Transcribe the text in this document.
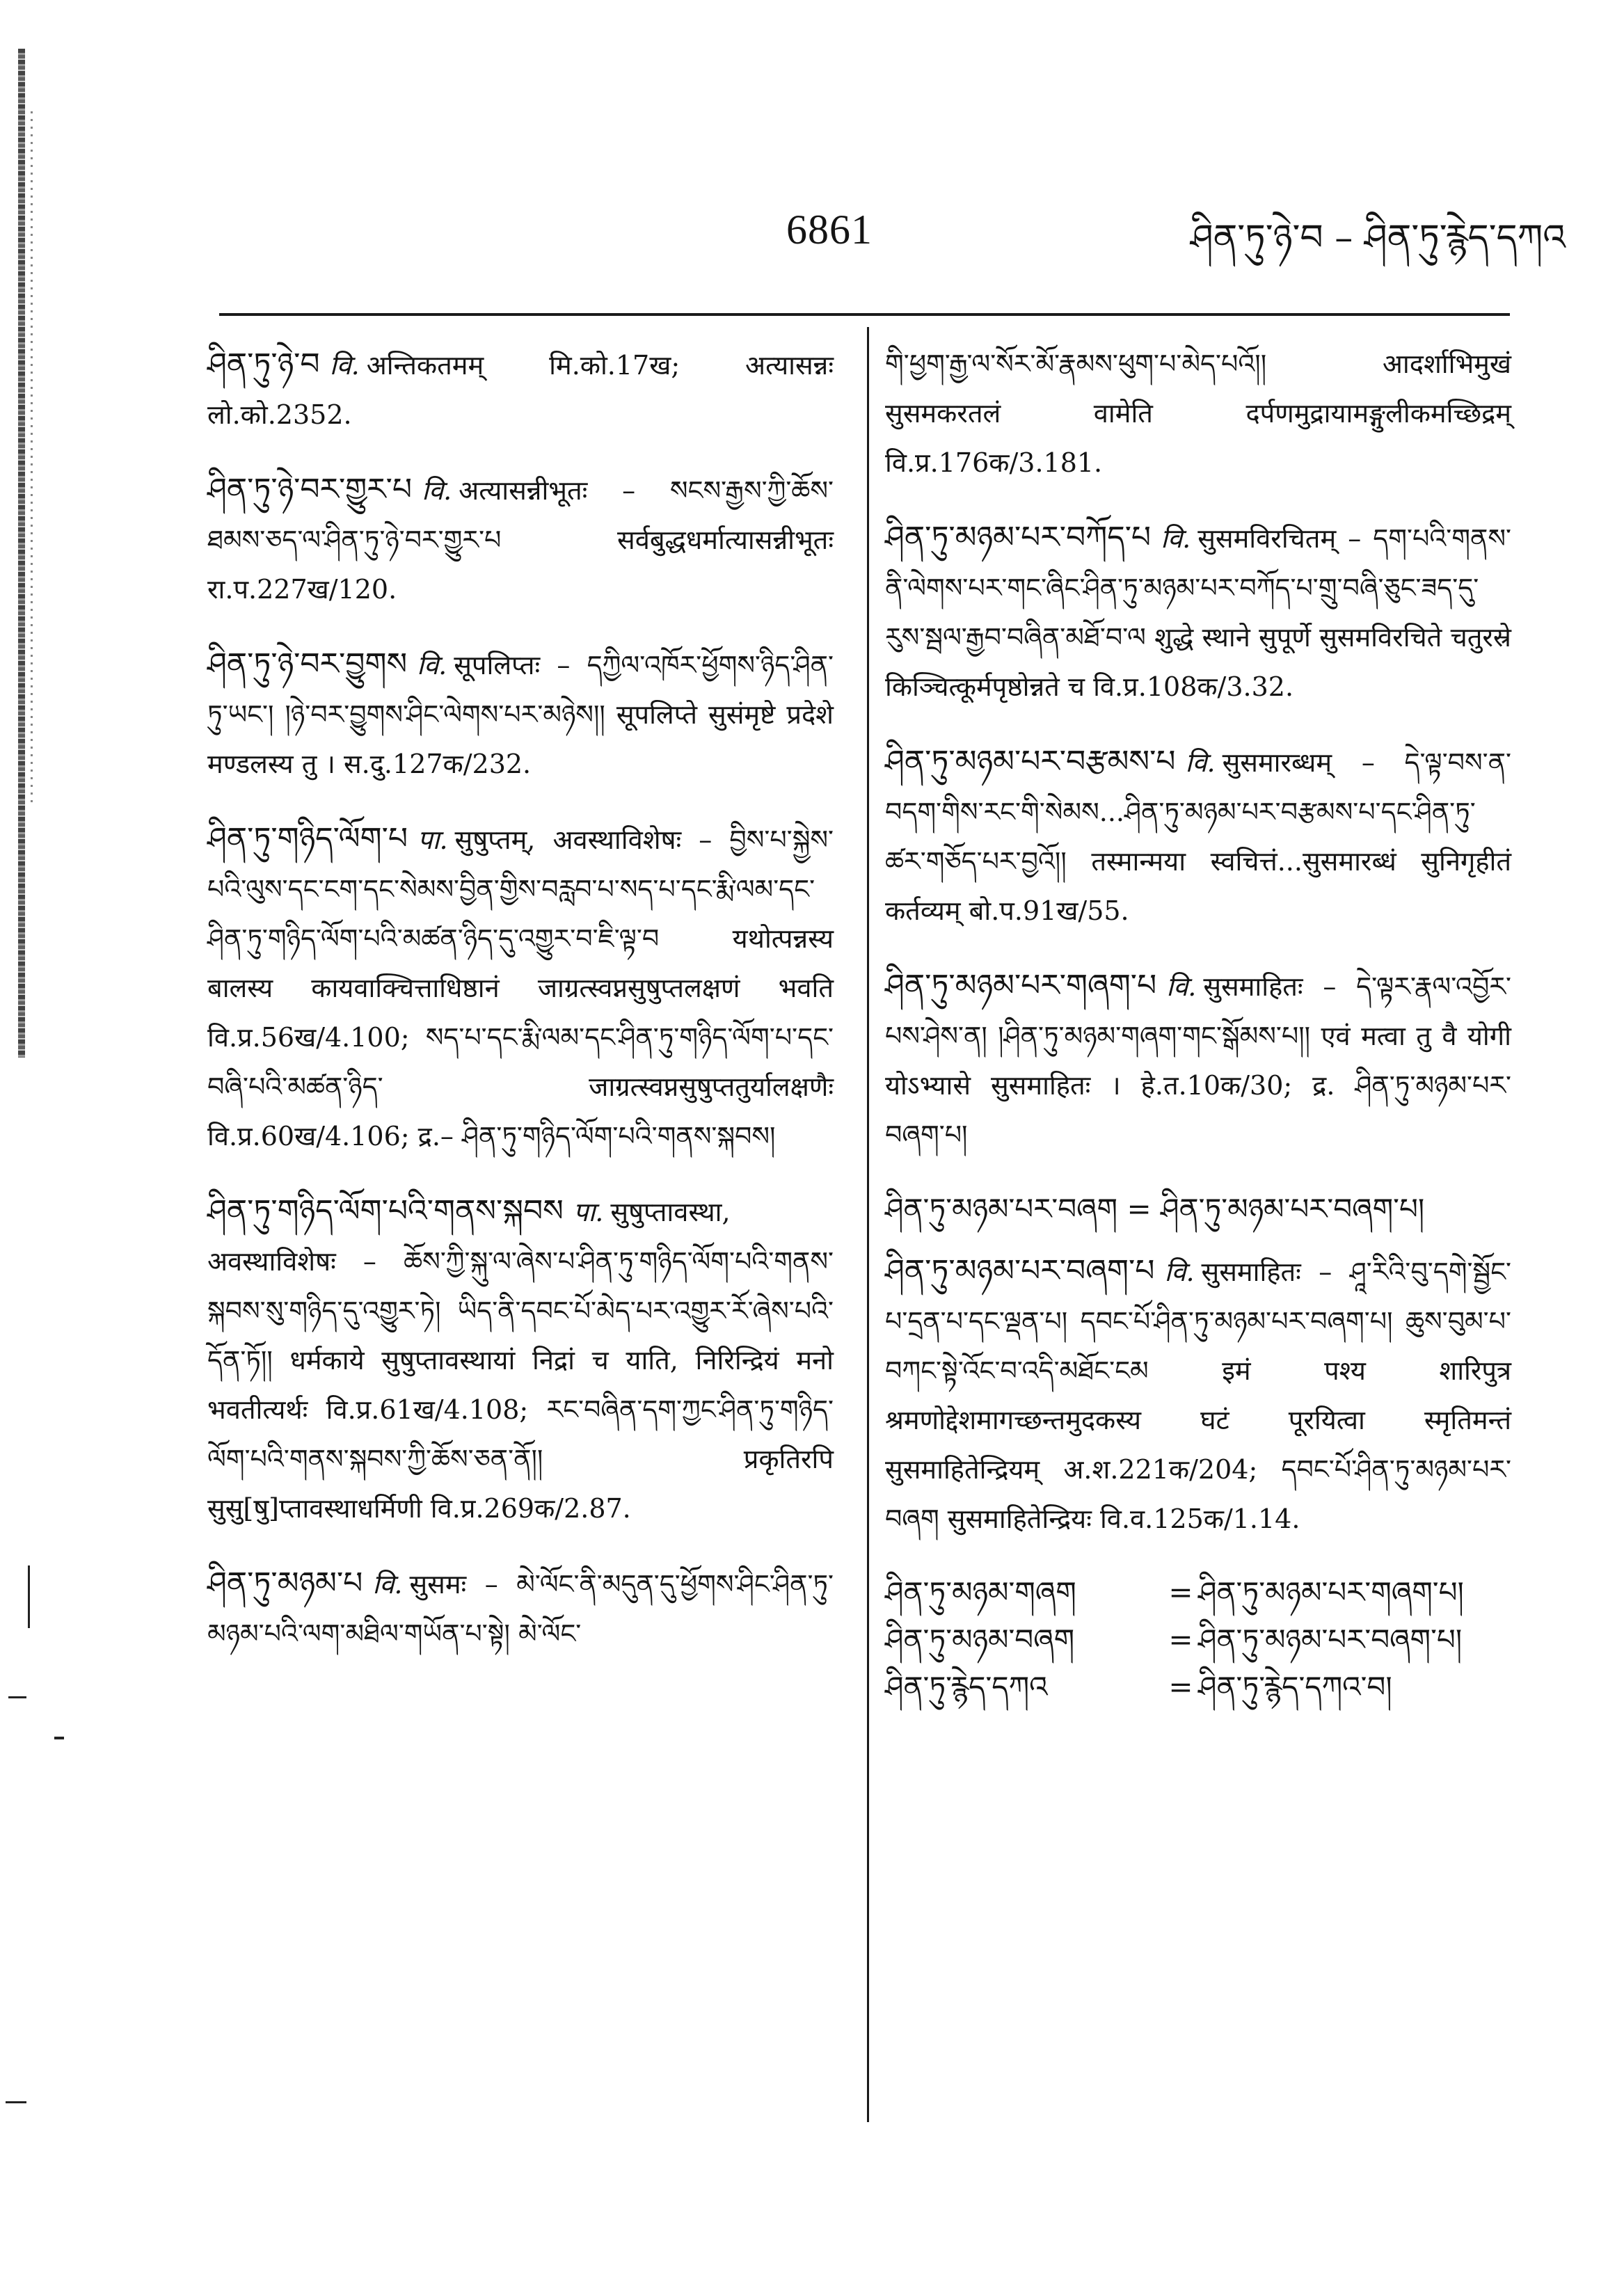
6861	ཤིན་ཏུ་ཉེ་བ – ཤིན་ཏུ་རྙེད་དཀའ
ཤིན་ཏུ་ཉེ་བ वि. अन्तिकतमम् मि.को.17ख; अत्यासन्नः लो.को.2352.
ཤིན་ཏུ་ཉེ་བར་གྱུར་པ वि. अत्यासन्नीभूतः – སངས་རྒྱས་ཀྱི་ཆོས་ཐམས་ཅད་ལ་ཤིན་ཏུ་ཉེ་བར་གྱུར་པ सर्वबुद्धधर्मात्यासन्नीभूतः रा.प.227ख/120.
ཤིན་ཏུ་ཉེ་བར་བྱུགས वि. सूपलिप्तः – དཀྱིལ་འཁོར་ཕྱོགས་ཉིད་ཤིན་ཏུ་ཡང་། །ཉེ་བར་བྱུགས་ཤིང་ལེགས་པར་མཉེས།། सूपलिप्ते सुसंमृष्टे प्रदेशे मण्डलस्य तु । स.दु.127क/232.
ཤིན་ཏུ་གཉིད་ལོག་པ पा. सुषुप्तम्, अवस्थाविशेषः – བྱིས་པ་སྐྱེས་པའི་ལུས་དང་ངག་དང་སེམས་བྱིན་གྱིས་བརླབ་པ་སད་པ་དང་རྨི་ལམ་དང་ཤིན་ཏུ་གཉིད་ལོག་པའི་མཚན་ཉིད་དུ་འགྱུར་བ་ཇི་ལྟ་བ यथोत्पन्नस्य बालस्य कायवाक्चित्ताधिष्ठानं जाग्रत्स्वप्नसुषुप्तलक्षणं भवति वि.प्र.56ख/4.100; སད་པ་དང་རྨི་ལམ་དང་ཤིན་ཏུ་གཉིད་ལོག་པ་དང་བཞི་པའི་མཚན་ཉིད་ जाग्रत्स्वप्नसुषुप्ततुर्यालक्षणैः वि.प्र.60ख/4.106; द्र.– ཤིན་ཏུ་གཉིད་ལོག་པའི་གནས་སྐབས།
ཤིན་ཏུ་གཉིད་ལོག་པའི་གནས་སྐབས पा. सुषुप्तावस्था, अवस्थाविशेषः – ཆོས་ཀྱི་སྐུ་ལ་ཞེས་པ་ཤིན་ཏུ་གཉིད་ལོག་པའི་གནས་སྐབས་སུ་གཉིད་དུ་འགྱུར་ཏེ། ཡིད་ནི་དབང་པོ་མེད་པར་འགྱུར་རོ་ཞེས་པའི་དོན་ཏོ།། धर्मकाये सुषुप्तावस्थायां निद्रां च याति, निरिन्द्रियं मनो भवतीत्यर्थः वि.प्र.61ख/4.108; རང་བཞིན་དག་ཀྱང་ཤིན་ཏུ་གཉིད་ལོག་པའི་གནས་སྐབས་ཀྱི་ཆོས་ཅན་ནོ།། प्रकृतिरपि सुसु[षु]प्तावस्थाधर्मिणी वि.प्र.269क/2.87.
ཤིན་ཏུ་མཉམ་པ वि. सुसमः – མེ་ལོང་ནི་མདུན་དུ་ཕྱོགས་ཤིང་ཤིན་ཏུ་མཉམ་པའི་ལག་མཐིལ་གཡོན་པ་སྟེ། མེ་ལོང་
གི་ཕྱག་རྒྱ་ལ་སོར་མོ་རྣམས་ཕུག་པ་མེད་པའོ།། आदर्शाभिमुखं सुसमकरतलं वामेति दर्पणमुद्रायामङ्गुलीकमच्छिद्रम् वि.प्र.176क/3.181.
ཤིན་ཏུ་མཉམ་པར་བཀོད་པ वि. सुसमविरचितम् – དག་པའི་གནས་ནི་ལེགས་པར་གང་ཞིང་ཤིན་ཏུ་མཉམ་པར་བཀོད་པ་གྲུ་བཞི་ཅུང་ཟད་དུ་རུས་སྦལ་རྒྱབ་བཞིན་མཐོ་བ་ལ शुद्धे स्थाने सुपूर्णे सुसमविरचिते चतुरस्रे किञ्चित्कूर्मपृष्ठोन्नते च वि.प्र.108क/3.32.
ཤིན་ཏུ་མཉམ་པར་བརྩམས་པ वि. सुसमारब्धम् – དེ་ལྟ་བས་ན་བདག་གིས་རང་གི་སེམས...ཤིན་ཏུ་མཉམ་པར་བརྩམས་པ་དང་ཤིན་ཏུ་ཚར་གཅོད་པར་བྱའོ།། तस्मान्मया स्वचित्तं...सुसमारब्धं सुनिगृहीतं कर्तव्यम् बो.प.91ख/55.
ཤིན་ཏུ་མཉམ་པར་གཞག་པ वि. सुसमाहितः – དེ་ལྟར་རྣལ་འབྱོར་པས་ཤེས་ན། །ཤིན་ཏུ་མཉམ་གཞག་གང་སྒོམས་པ།། एवं मत्वा तु वै योगी योऽभ्यासे सुसमाहितः । हे.त.10क/30; द्र. ཤིན་ཏུ་མཉམ་པར་བཞག་པ།
ཤིན་ཏུ་མཉམ་པར་བཞག = ཤིན་ཏུ་མཉམ་པར་བཞག་པ།
ཤིན་ཏུ་མཉམ་པར་བཞག་པ वि. सुसमाहितः – ཤཱ་རིའི་བུ་དགེ་སྦྱོང་པ་དྲན་པ་དང་ལྡན་པ། དབང་པོ་ཤིན་ཏུ་མཉམ་པར་བཞག་པ། ཆུས་བུམ་པ་བཀང་སྟེ་འོང་བ་འདི་མཐོང་ངམ इमं पश्य शारिपुत्र श्रमणोद्देशमागच्छन्तमुदकस्य घटं पूरयित्वा स्मृतिमन्तं सुसमाहितेन्द्रियम् अ.श.221क/204; དབང་པོ་ཤིན་ཏུ་མཉམ་པར་བཞག सुसमाहितेन्द्रियः वि.व.125क/1.14.
ཤིན་ཏུ་མཉམ་གཞག	= ཤིན་ཏུ་མཉམ་པར་གཞག་པ།
ཤིན་ཏུ་མཉམ་བཞག	= ཤིན་ཏུ་མཉམ་པར་བཞག་པ།
ཤིན་ཏུ་རྙེད་དཀའ	= ཤིན་ཏུ་རྙེད་དཀའ་བ།
